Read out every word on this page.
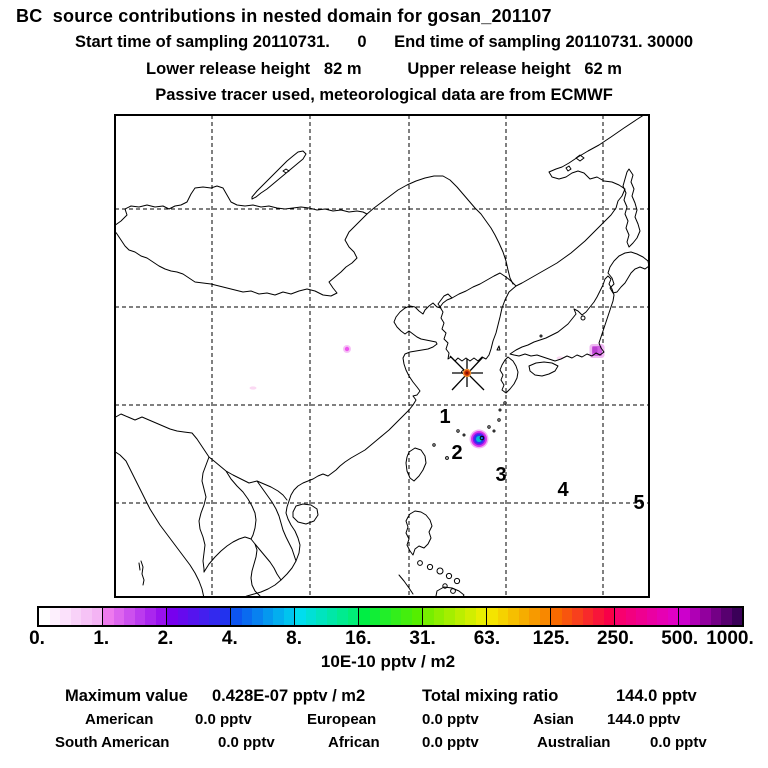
BC  source contributions in nested domain for gosan_201107
Start time of sampling 20110731.      0      End time of sampling 20110731. 30000
Lower release height   82 m          Upper release height   62 m
Passive tracer used, meteorological data are from ECMWF
1
2
3
4
5
0.	1.	2.	4.	8. 16. 31. 63. 125. 250. 500. 1000.
10E-10 pptv / m2
Maximum value 0.428E-07 pptv / m2	Total mixing ratio	144.0 pptv
American	0.0 pptv	European	0.0 pptv	Asian 144.0 pptv
South American	0.0 pptv	African	0.0 pptv	Australian	0.0 pptv
